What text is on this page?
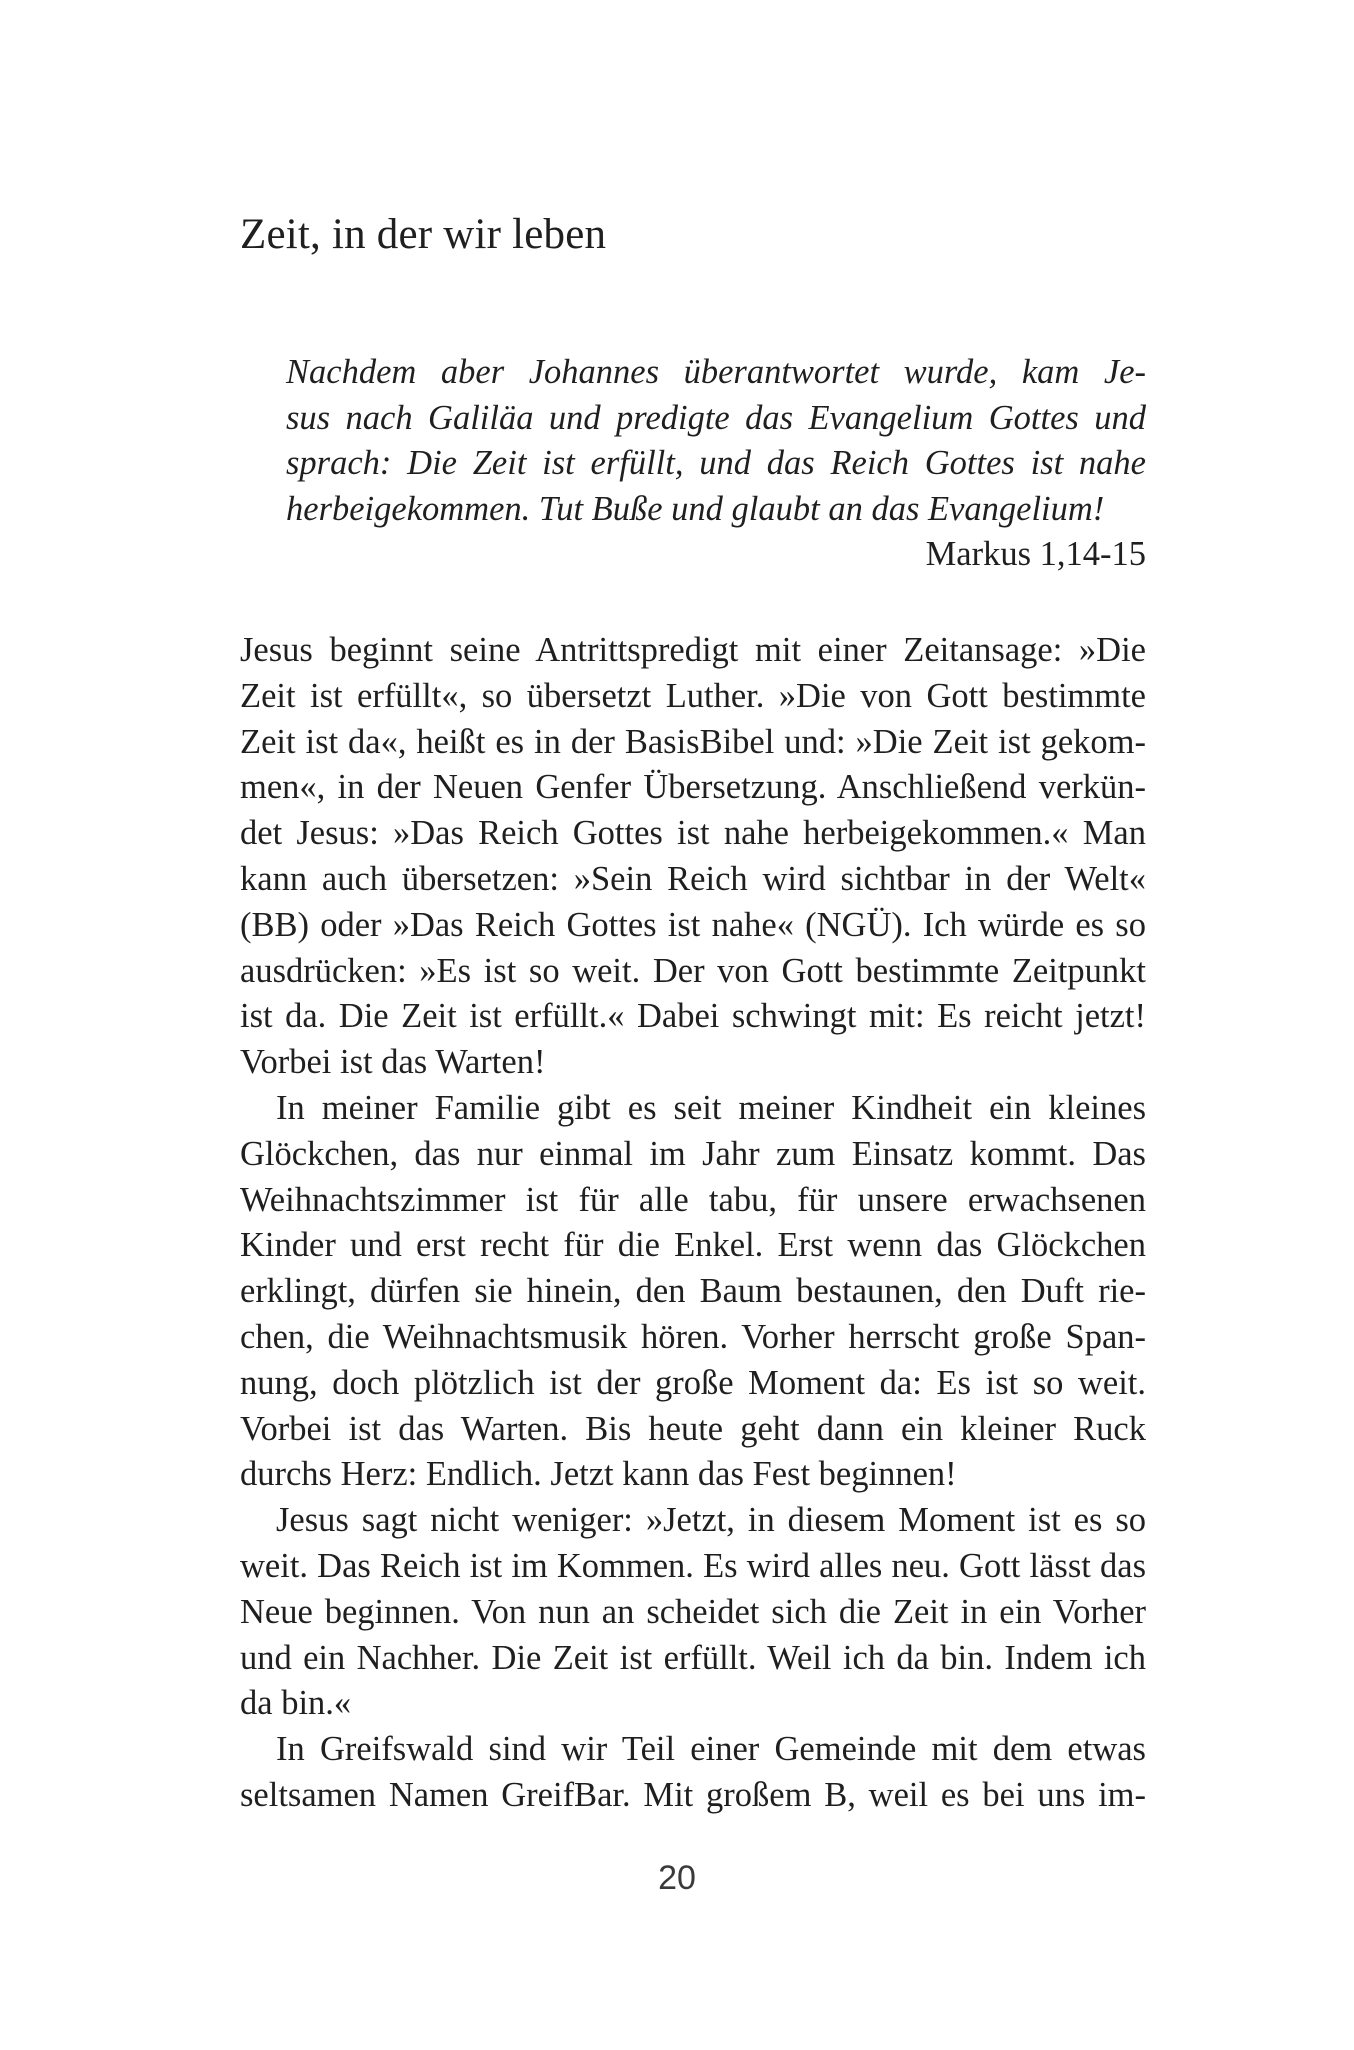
Zeit, in der wir leben
Nachdem aber Johannes überantwortet wurde, kam Je-
sus nach Galiläa und predigte das Evangelium Gottes und
sprach: Die Zeit ist erfüllt, und das Reich Gottes ist nahe
herbeigekommen. Tut Buße und glaubt an das Evangelium!
Markus 1,14-15
Jesus beginnt seine Antrittspredigt mit einer Zeitansage: »Die
Zeit ist erfüllt«, so übersetzt Luther. »Die von Gott bestimmte
Zeit ist da«, heißt es in der BasisBibel und: »Die Zeit ist gekom-
men«, in der Neuen Genfer Übersetzung. Anschließend verkün-
det Jesus: »Das Reich Gottes ist nahe herbeigekommen.« Man
kann auch übersetzen: »Sein Reich wird sichtbar in der Welt«
(BB) oder »Das Reich Gottes ist nahe« (NGÜ). Ich würde es so
ausdrücken: »Es ist so weit. Der von Gott bestimmte Zeitpunkt
ist da. Die Zeit ist erfüllt.« Dabei schwingt mit: Es reicht jetzt!
Vorbei ist das Warten!
In meiner Familie gibt es seit meiner Kindheit ein kleines
Glöckchen, das nur einmal im Jahr zum Einsatz kommt. Das
Weihnachtszimmer ist für alle tabu, für unsere erwachsenen
Kinder und erst recht für die Enkel. Erst wenn das Glöckchen
erklingt, dürfen sie hinein, den Baum bestaunen, den Duft rie-
chen, die Weihnachtsmusik hören. Vorher herrscht große Span-
nung, doch plötzlich ist der große Moment da: Es ist so weit.
Vorbei ist das Warten. Bis heute geht dann ein kleiner Ruck
durchs Herz: Endlich. Jetzt kann das Fest beginnen!
Jesus sagt nicht weniger: »Jetzt, in diesem Moment ist es so
weit. Das Reich ist im Kommen. Es wird alles neu. Gott lässt das
Neue beginnen. Von nun an scheidet sich die Zeit in ein Vorher
und ein Nachher. Die Zeit ist erfüllt. Weil ich da bin. Indem ich
da bin.«
In Greifswald sind wir Teil einer Gemeinde mit dem etwas
seltsamen Namen GreifBar. Mit großem B, weil es bei uns im-
20
